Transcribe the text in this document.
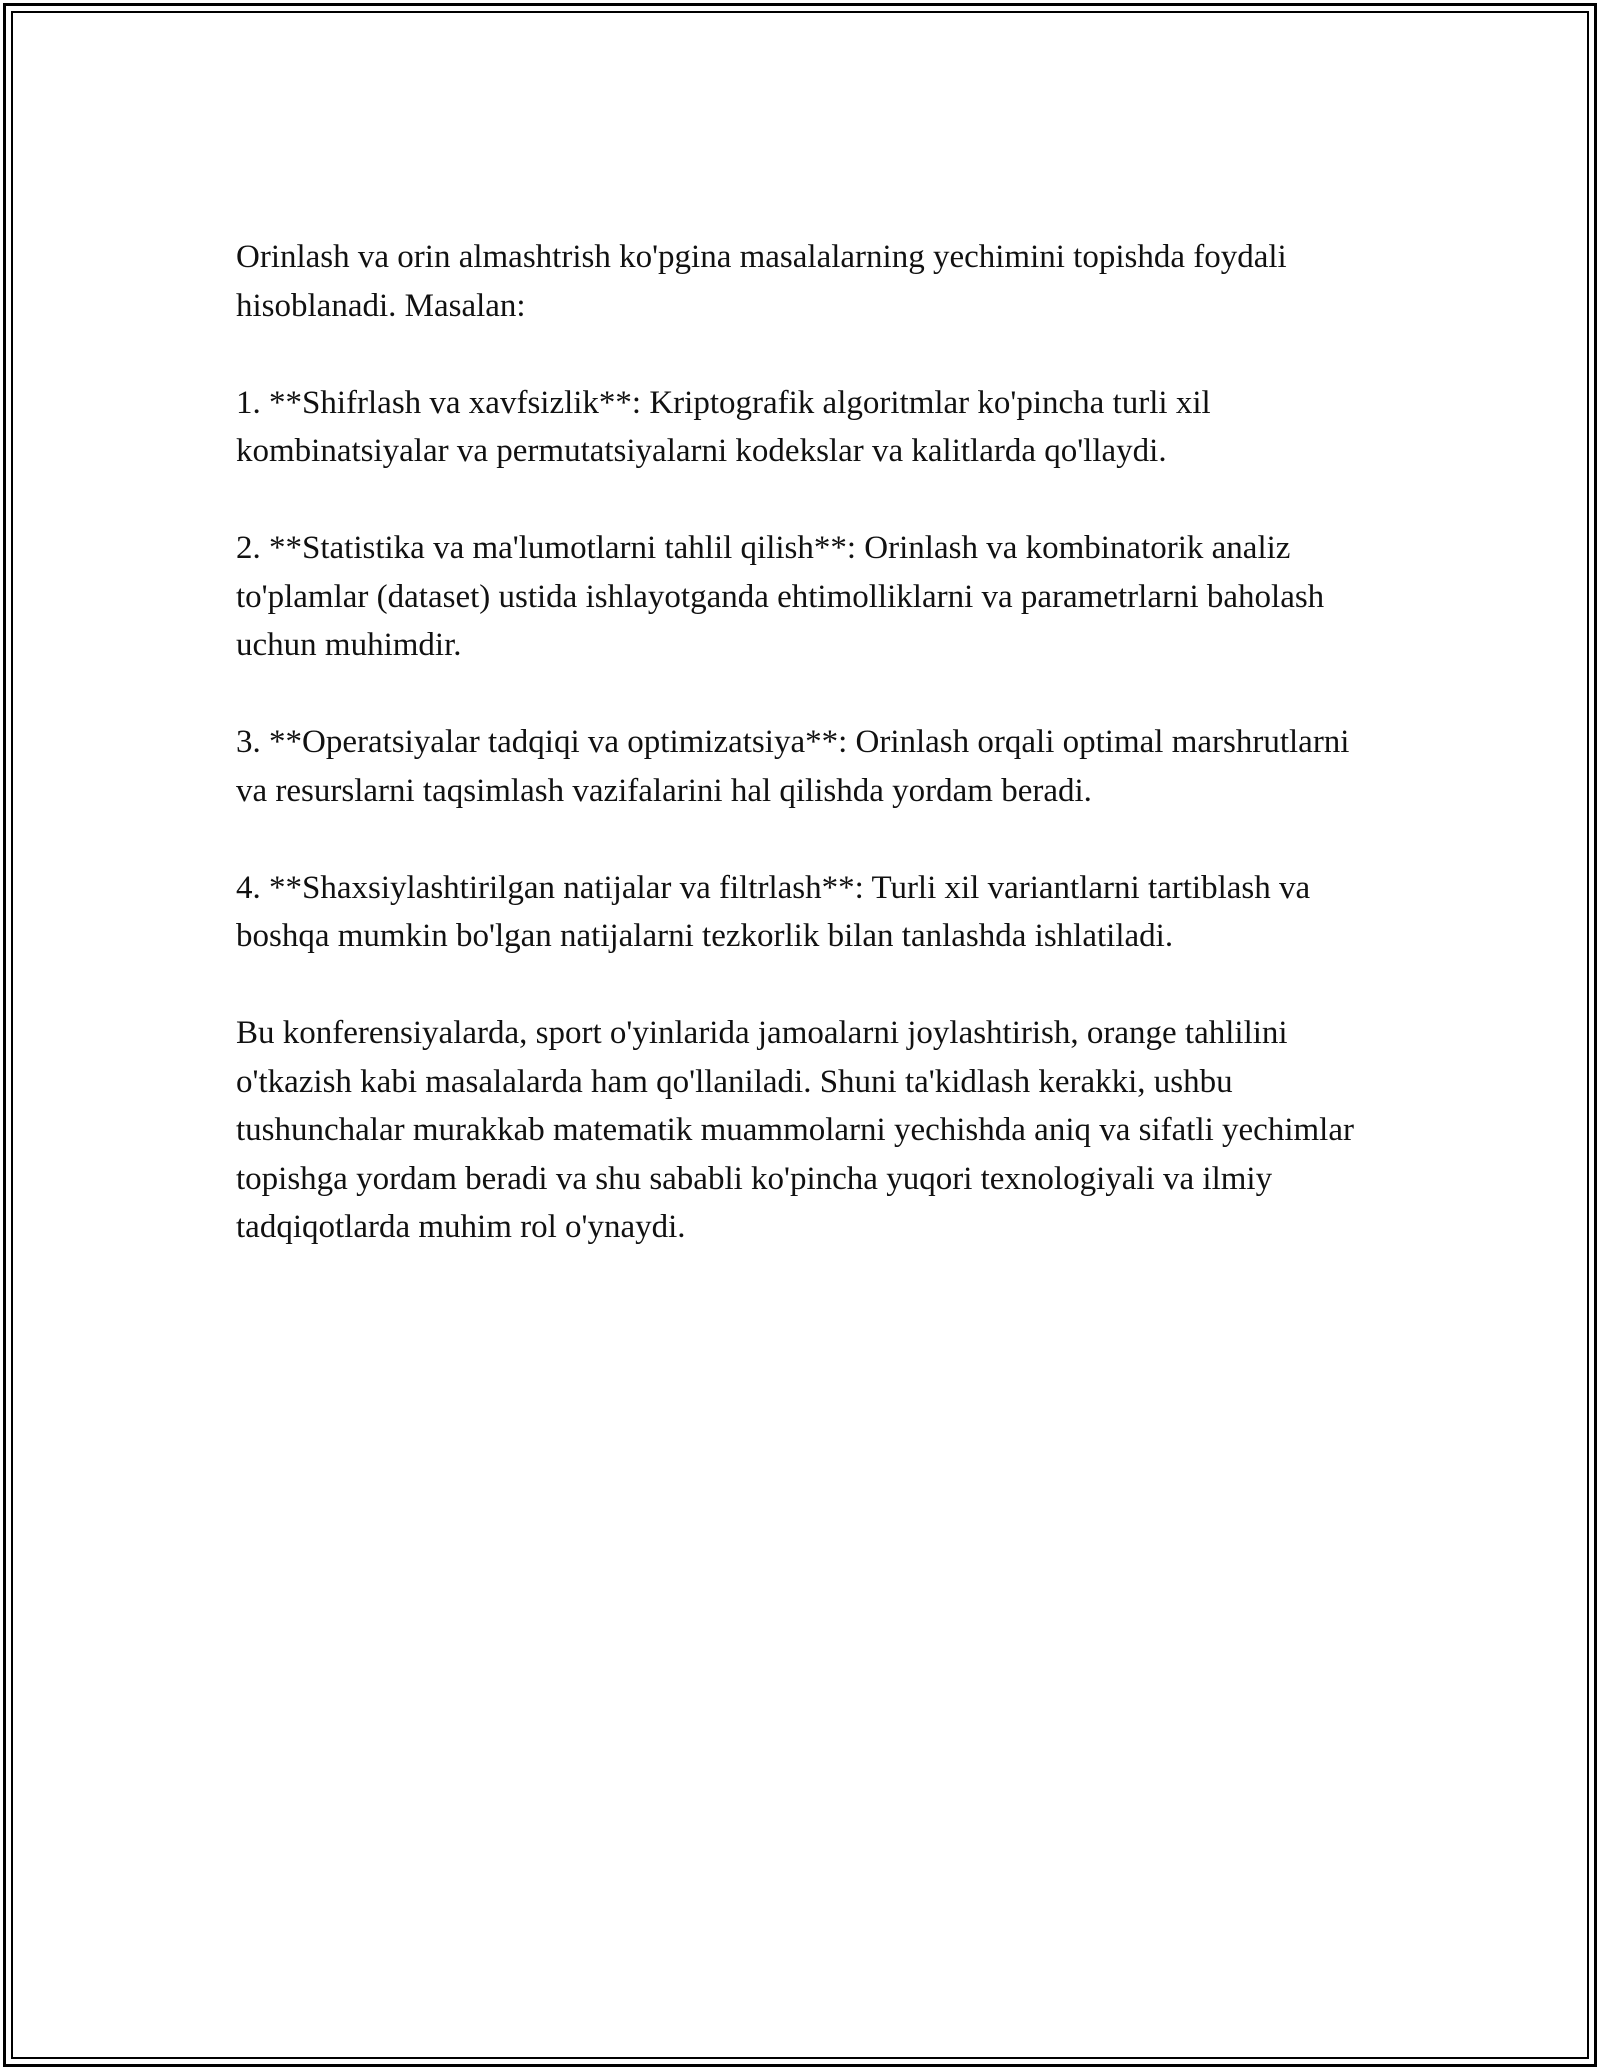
Orinlash va orin almashtrish ko'pgina masalalarning yechimini topishda foydali hisoblanadi. Masalan:

1. **Shifrlash va xavfsizlik**: Kriptografik algoritmlar ko'pincha turli xil kombinatsiyalar va permutatsiyalarni kodekslar va kalitlarda qo'llaydi.

2. **Statistika va ma'lumotlarni tahlil qilish**: Orinlash va kombinatorik analiz to'plamlar (dataset) ustida ishlayotganda ehtimolliklarni va parametrlarni baholash uchun muhimdir.

3. **Operatsiyalar tadqiqi va optimizatsiya**: Orinlash orqali optimal marshrutlarni va resurslarni taqsimlash vazifalarini hal qilishda yordam beradi.

4. **Shaxsiylashtirilgan natijalar va filtrlash**: Turli xil variantlarni tartiblash va boshqa mumkin bo'lgan natijalarni tezkorlik bilan tanlashda ishlatiladi.

Bu konferensiyalarda, sport o'yinlarida jamoalarni joylashtirish, orange tahlilini o'tkazish kabi masalalarda ham qo'llaniladi. Shuni ta'kidlash kerakki, ushbu tushunchalar murakkab matematik muammolarni yechishda aniq va sifatli yechimlar topishga yordam beradi va shu sababli ko'pincha yuqori texnologiyali va ilmiy tadqiqotlarda muhim rol o'ynaydi.
